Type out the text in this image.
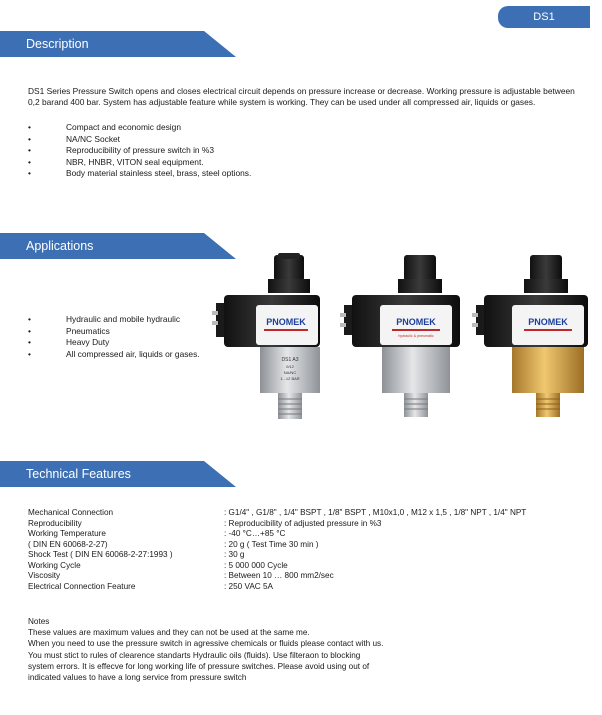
DS1
Description
DS1 Series Pressure Switch opens and closes electrical circuit depends on pressure increase or decrease. Working pressure is adjustable between 0,2 barand 400 bar. System has adjustable feature while system is working. They can be used under all compressed air, liquids or gases.
• Compact and economic design
• NA/NC Socket
• Reproducibility of pressure switch in %3
• NBR, HNBR, VITON seal equipment.
• Body material stainless steel, brass, steel options.
Applications
• Hydraulic and mobile hydraulic
• Pneumatics
• Heavy Duty
• All compressed air, liquids or gases.
PNOMEK
DS1 A3
0/12
NA/NC
1...12 BAR
PNOMEK
hydraulic & pneumatic
PNOMEK
Technical Features
Mechanical Connection	: G1/4" , G1/8" , 1/4" BSPT , 1/8" BSPT , M10x1,0 , M12 x 1,5 , 1/8" NPT , 1/4" NPT
Reproducibility	: Reproducibility of adjusted pressure in %3
Working Temperature	: -40 °C…+85 °C
( DIN EN 60068-2-27)	: 20 g ( Test Time 30 min )
Shock Test ( DIN EN 60068-2-27:1993 )	: 30 g
Working Cycle	: 5 000 000 Cycle
Viscosity	: Between 10 … 800 mm2/sec
Electrical Connection Feature	: 250 VAC 5A
Notes
These values are maximum values and they can not be used at the same me.
When you need to use the pressure switch in agressive chemicals or fluids please contact with us.
You must stict to rules of clearence standarts Hydraulic oils (fluids). Use filteraon to blocking
system errors. It is effecve for long working life of pressure switches. Please avoid using out of
indicated values to have a long service from pressure switch
